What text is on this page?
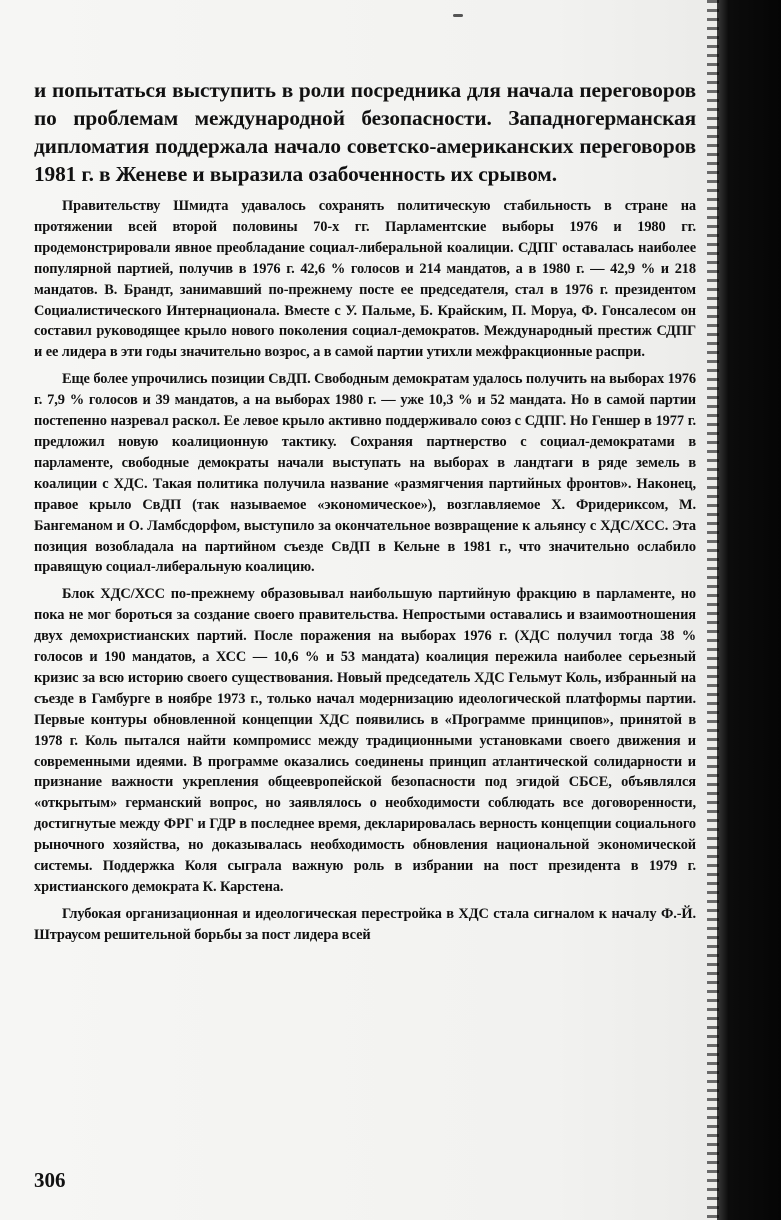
и попытаться выступить в роли посредника для начала переговоров по проблемам международной безопасности. Западногерманская дипломатия поддержала начало советско-американских переговоров 1981 г. в Женеве и выразила озабоченность их срывом.

Правительству Шмидта удавалось сохранять политическую стабильность в стране на протяжении всей второй половины 70-х гг. Парламентские выборы 1976 и 1980 гг. продемонстрировали явное преобладание социал-либеральной коалиции. СДПГ оставалась наиболее популярной партией, получив в 1976 г. 42,6 % голосов и 214 мандатов, а в 1980 г. — 42,9 % и 218 мандатов. В. Брандт, занимавший по-прежнему посте ее председателя, стал в 1976 г. президентом Социалистического Интернационала. Вместе с У. Пальме, Б. Крайским, П. Моруа, Ф. Гонсалесом он составил руководящее крыло нового поколения социал-демократов. Международный престиж СДПГ и ее лидера в эти годы значительно возрос, а в самой партии утихли межфракционные распри.

Еще более упрочились позиции СвДП. Свободным демократам удалось получить на выборах 1976 г. 7,9 % голосов и 39 мандатов, а на выборах 1980 г. — уже 10,3 % и 52 мандата. Но в самой партии постепенно назревал раскол. Ее левое крыло активно поддерживало союз с СДПГ. Но Геншер в 1977 г. предложил новую коалиционную тактику. Сохраняя партнерство с социал-демократами в парламенте, свободные демократы начали выступать на выборах в ландтаги в ряде земель в коалиции с ХДС. Такая политика получила название «размягчения партийных фронтов». Наконец, правое крыло СвДП (так называемое «экономическое»), возглавляемое Х. Фридериксом, М. Бангеманом и О. Ламбсдорфом, выступило за окончательное возвращение к альянсу с ХДС/ХСС. Эта позиция возобладала на партийном съезде СвДП в Кельне в 1981 г., что значительно ослабило правящую социал-либеральную коалицию.

Блок ХДС/ХСС по-прежнему образовывал наибольшую партийную фракцию в парламенте, но пока не мог бороться за создание своего правительства. Непростыми оставались и взаимоотношения двух демохристианских партий. После поражения на выборах 1976 г. (ХДС получил тогда 38 % голосов и 190 мандатов, а ХСС — 10,6 % и 53 мандата) коалиция пережила наиболее серьезный кризис за всю историю своего существования. Новый председатель ХДС Гельмут Коль, избранный на съезде в Гамбурге в ноябре 1973 г., только начал модернизацию идеологической платформы партии. Первые контуры обновленной концепции ХДС появились в «Программе принципов», принятой в 1978 г. Коль пытался найти компромисс между традиционными установками своего движения и современными идеями. В программе оказались соединены принцип атлантической солидарности и признание важности укрепления общеевропейской безопасности под эгидой СБСЕ, объявлялся «открытым» германский вопрос, но заявлялось о необходимости соблюдать все договоренности, достигнутые между ФРГ и ГДР в последнее время, декларировалась верность концепции социального рыночного хозяйства, но доказывалась необходимость обновления национальной экономической системы. Поддержка Коля сыграла важную роль в избрании на пост президента в 1979 г. христианского демократа К. Карстена.

Глубокая организационная и идеологическая перестройка в ХДС стала сигналом к началу Ф.-Й. Штраусом решительной борьбы за пост лидера всей

306
